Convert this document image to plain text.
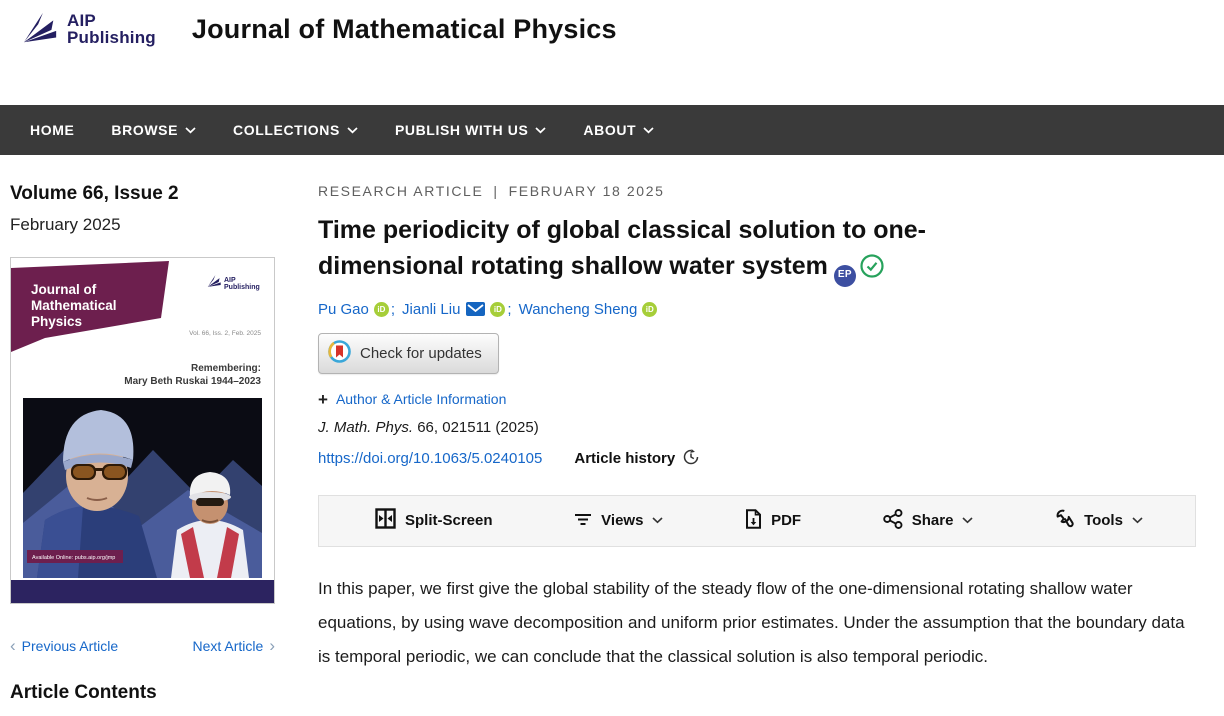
AIP
Publishing Journal of Mathematical Physics
HOME	BROWSE	COLLECTIONS	PUBLISH WITH US	ABOUT
Volume 66, Issue 2
February 2025
Journal of
Mathematical
Physics
AIP
Publishing
Vol. 66, Iss. 2, Feb. 2025
Remembering:
Mary Beth Ruskai 1944–2023
Available Online: pubs.aip.org/jmp
‹ Previous Article	Next Article ›
Article Contents
RESEARCH ARTICLE | FEBRUARY 18 2025
Time periodicity of global classical solution to one-dimensional rotating shallow water system EP
Pu Gao	iD ; Jianli Liu	iD ; Wancheng Sheng	iD
Check for updates
+ Author & Article Information
J. Math. Phys. 66, 021511 (2025)
https://doi.org/10.1063/5.0240105 Article history
Split-Screen	Views	PDF	Share	Tools

In this paper, we first give the global stability of the steady flow of the one-dimensional rotating shallow water equations, by using wave decomposition and uniform prior estimates. Under the assumption that the boundary data is temporal periodic, we can conclude that the classical solution is also temporal periodic.
